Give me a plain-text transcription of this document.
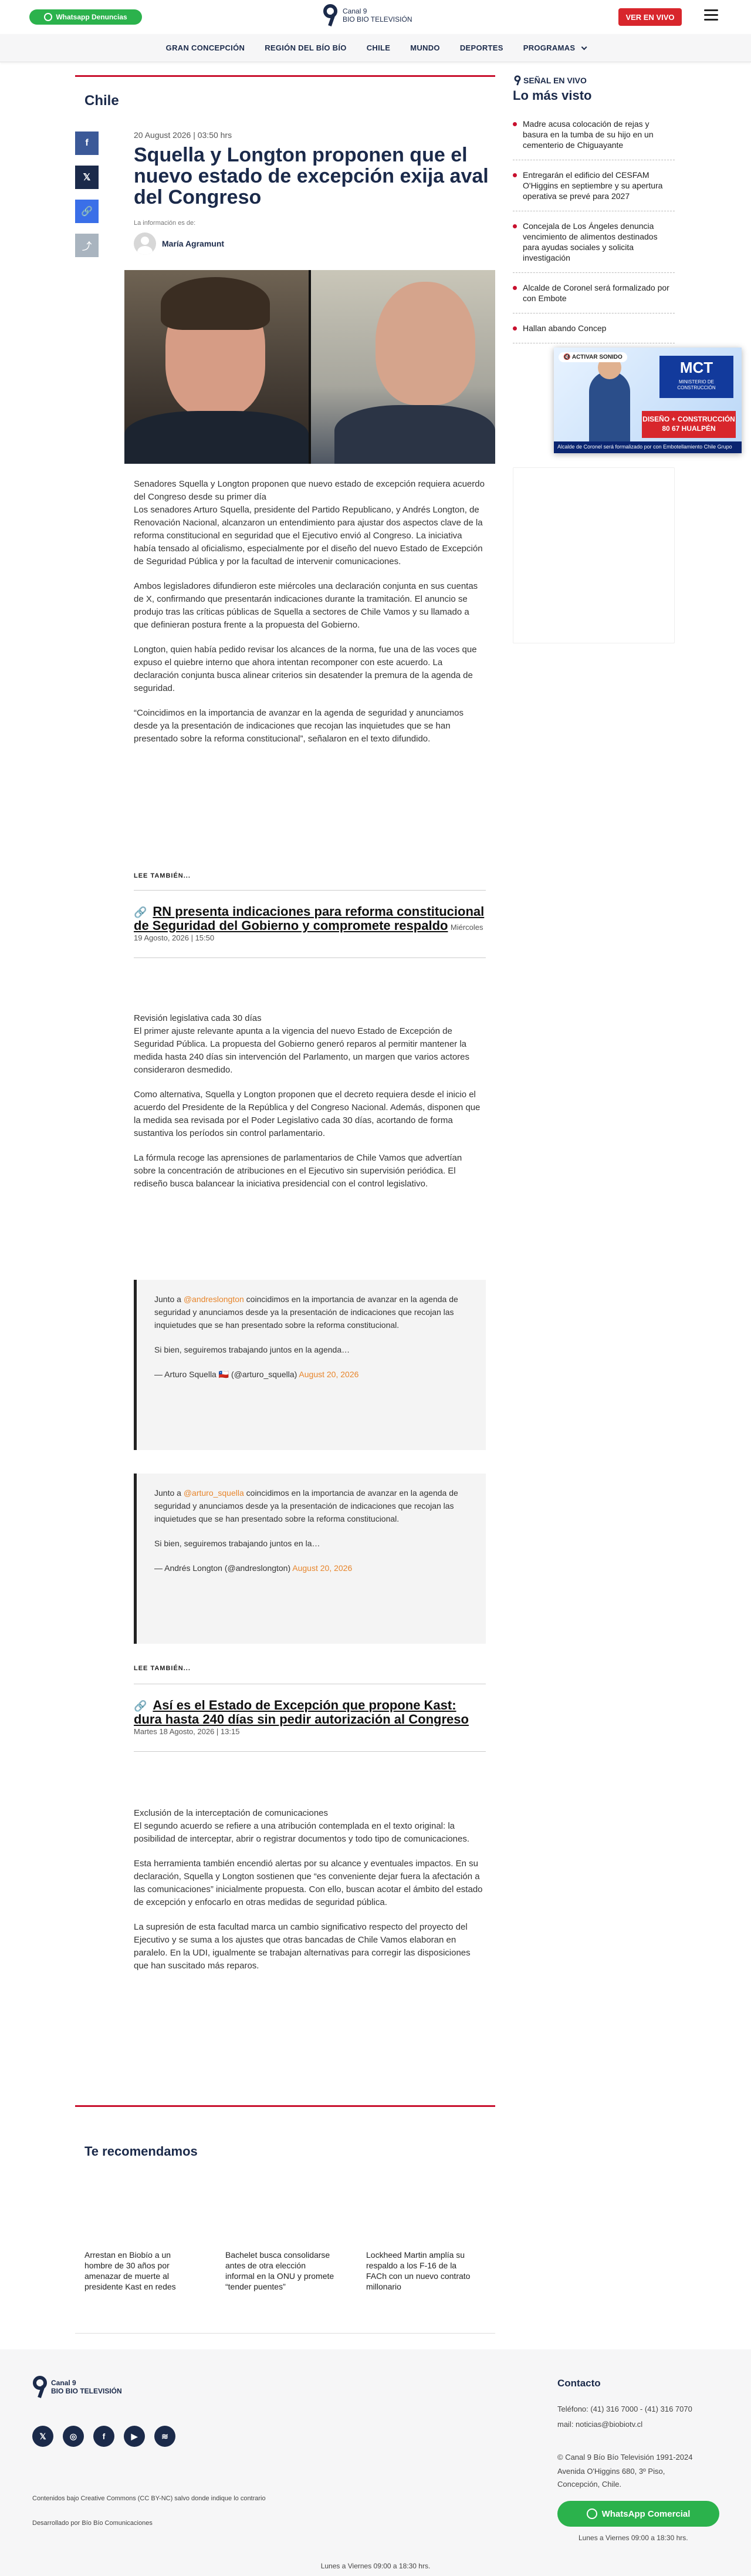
Whatsapp Denuncias
Canal 9
BIO BIO TELEVISIÓN	VER EN VIVO
GRAN CONCEPCIÓN	REGIÓN DEL BÍO BÍO	CHILE	MUNDO	DEPORTES	PROGRAMAS
Chile
f
𝕏
🔗
⤴
20 August 2026 | 03:50 hrs
Squella y Longton proponen que el nuevo estado de excepción exija aval del Congreso
La información es de:
María Agramunt

Senadores Squella y Longton proponen que nuevo estado de excepción requiera acuerdo del Congreso desde su primer día
Los senadores Arturo Squella, presidente del Partido Republicano, y Andrés Longton, de Renovación Nacional, alcanzaron un entendimiento para ajustar dos aspectos clave de la reforma constitucional en seguridad que el Ejecutivo envió al Congreso. La iniciativa había tensado al oficialismo, especialmente por el diseño del nuevo Estado de Excepción de Seguridad Pública y por la facultad de intervenir comunicaciones.

Ambos legisladores difundieron este miércoles una declaración conjunta en sus cuentas de X, confirmando que presentarán indicaciones durante la tramitación. El anuncio se produjo tras las críticas públicas de Squella a sectores de Chile Vamos y su llamado a que definieran postura frente a la propuesta del Gobierno.

Longton, quien había pedido revisar los alcances de la norma, fue una de las voces que expuso el quiebre interno que ahora intentan recomponer con este acuerdo. La declaración conjunta busca alinear criterios sin desatender la premura de la agenda de seguridad.

“Coincidimos en la importancia de avanzar en la agenda de seguridad y anunciamos desde ya la presentación de indicaciones que recojan las inquietudes que se han presentado sobre la reforma constitucional”, señalaron en el texto difundido.

LEE TAMBIÉN...
🔗 RN presenta indicaciones para reforma constitucional de Seguridad del Gobierno y compromete respaldo Miércoles 19 Agosto, 2026 | 15:50

Revisión legislativa cada 30 días
El primer ajuste relevante apunta a la vigencia del nuevo Estado de Excepción de Seguridad Pública. La propuesta del Gobierno generó reparos al permitir mantener la medida hasta 240 días sin intervención del Parlamento, un margen que varios actores consideraron desmedido.

Como alternativa, Squella y Longton proponen que el decreto requiera desde el inicio el acuerdo del Presidente de la República y del Congreso Nacional. Además, disponen que la medida sea revisada por el Poder Legislativo cada 30 días, acortando de forma sustantiva los períodos sin control parlamentario.

La fórmula recoge las aprensiones de parlamentarios de Chile Vamos que advertían sobre la concentración de atribuciones en el Ejecutivo sin supervisión periódica. El rediseño busca balancear la iniciativa presidencial con el control legislativo.

Junto a @andreslongton coincidimos en la importancia de avanzar en la agenda de seguridad y anunciamos desde ya la presentación de indicaciones que recojan las inquietudes que se han presentado sobre la reforma constitucional.

Si bien, seguiremos trabajando juntos en la agenda…

— Arturo Squella 🇨🇱 (@arturo_squella) August 20, 2026

Junto a @arturo_squella coincidimos en la importancia de avanzar en la agenda de seguridad y anunciamos desde ya la presentación de indicaciones que recojan las inquietudes que se han presentado sobre la reforma constitucional.

Si bien, seguiremos trabajando juntos en la…

— Andrés Longton (@andreslongton) August 20, 2026

LEE TAMBIÉN...
🔗 Así es el Estado de Excepción que propone Kast: dura hasta 240 días sin pedir autorización al Congreso Martes 18 Agosto, 2026 | 13:15

Exclusión de la interceptación de comunicaciones
El segundo acuerdo se refiere a una atribución contemplada en el texto original: la posibilidad de interceptar, abrir o registrar documentos y todo tipo de comunicaciones.

Esta herramienta también encendió alertas por su alcance y eventuales impactos. En su declaración, Squella y Longton sostienen que “es conveniente dejar fuera la afectación a las comunicaciones” inicialmente propuesta. Con ello, buscan acotar el ámbito del estado de excepción y enfocarlo en otras medidas de seguridad pública.

La supresión de esta facultad marca un cambio significativo respecto del proyecto del Ejecutivo y se suma a los ajustes que otras bancadas de Chile Vamos elaboran en paralelo. En la UDI, igualmente se trabajan alternativas para corregir las disposiciones que han suscitado más reparos.

Te recomendamos
Arrestan en Biobío a un hombre de 30 años por amenazar de muerte al presidente Kast en redes
Bachelet busca consolidarse antes de otra elección informal en la ONU y promete “tender puentes”
Lockheed Martin amplía su respaldo a los F-16 de la FACh con un nuevo contrato millonario
SEÑAL EN VIVO
Lo más visto
Madre acusa colocación de rejas y basura en la tumba de su hijo en un cementerio de Chiguayante
Entregarán el edificio del CESFAM O'Higgins en septiembre y su apertura operativa se prevé para 2027
Concejala de Los Ángeles denuncia vencimiento de alimentos destinados para ayudas sociales y solicita investigación
Alcalde de Coronel será formalizado por con Embote
Hallan abando Concep
🔇 ACTIVAR SONIDO
MCT
MINISTERIO DE CONSTRUCCIÓN
DISEÑO + CONSTRUCCIÓN
80 67 HUALPÉN
Alcalde de Coronel será formalizado por con Embotellamiento Chile Grupo
Canal 9
BIO BIO TELEVISIÓN
𝕏	◎	f	▶	≋
Contenidos bajo Creative Commons (CC BY-NC) salvo donde indique lo contrario
Desarrollado por Bío Bío Comunicaciones
Contacto
Teléfono: (41) 316 7000 - (41) 316 7070
mail: noticias@biobiotv.cl
© Canal 9 Bío Bío Televisión 1991-2024
Avenida O'Higgins 680, 3º Piso,
Concepción, Chile.
WhatsApp Comercial
Lunes a Viernes 09:00 a 18:30 hrs.
Lunes a Viernes 09:00 a 18:30 hrs.
